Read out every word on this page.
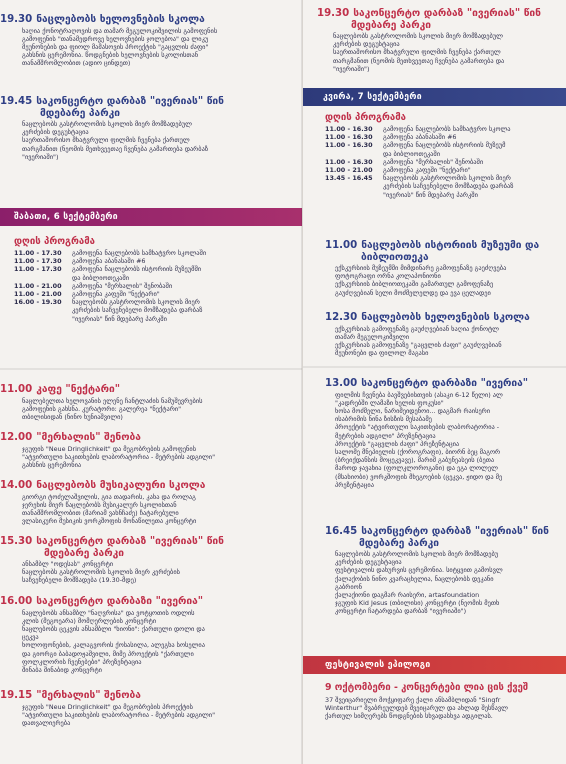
19.30 ნაცლებობს ხელოვნების სკოლა
ხაღია ქონოტრაღოვის და თამარ მეგულოკიშვილის გამოფენის
გამოფენის "თანამედროვე ხელოვნების ჯოლებოა" და ლიკუ
მეუნონების და ფიოლ მამასოვის პროექტის "გაცვლის ძაფი"
გახსნის ცერემონია. წოდგნების ხელოვნების სკოლისთან
თანამშრომლობით (ადიო ცინდეთ)
19.45 საკონცერტო დარბაზ "ივერიას" წინ
მდებარე პარკი
ნაცლებობს გასტროლომის სკოლის მიერ მომზადებულ
კერძების დეგუსტაცია
საერთაშორისო მხატვრული ფილმის ჩვენება ქართულ
თარგმანით (ნეომის მეთხვეეთაე ჩვენება გამართება დარბაზ
"ივერიაში")
შაბათი, 6 სექტემბერი
დღის პროგრამა
11.00 - 17.30	გამოფენა ნაცლებობს სამხატვრო სკოლაში
11.00 - 17.30	გამოფენა აბანასაში #6
11.00 - 17.30	გამოფენა ნაცლებობს ისტორიის მუზეუმში
	და ბიბლიოთეკაში
11.00 - 21.00	გამოფენა "მერხალის" შენობაში
11.00 - 21.00	გამოფენა კაფეში "ნექტარი"
16.00 - 19.30	ნაცლებობს გასტროლომის სკოლის მიერ
	კერძების საჩვენებელი მომზადება დარბაზ
	"ივერიას" წინ მდებარე პარკში
11.00 კაფე "ნექტარი"
ნაცლებელთა ხელოვანის ელენე ჩანტლაძის ნამუშევრების
გამოფენის გახსნა. კურატორი: გალერეა "ნექტარი"
თბილისიდან (ნინო ხუნიაშვილი)
12.00 "მერხალის" შენობა
ჯგუფის "Neue Dringlichkeit" და მეგობრების გამოფენის
"ატვირთული საკითხების ლაბორატორია - მეტრების ადგილი"
გახსნის ცერემონია
14.00 ნაცლებობს მუსიკალური სკოლა
გიორგი ტოძელაშვილის, გია თადარის, კახა და როლაგ
ჯერეხის მიერ წაცლებობს მუსიკალურ სკოლისთან
თანამშრომლობით (მარიამ ვახნჩაძე) ჩატარებული
ვლასიკური მუსიკის ვორკშოფის მონაწილეთა კონცერტი
15.30 საკონცერტო დარბაზ "ივერიას" წინ
მდებარე პარკი
ანსამბლ "ოდესას" კონცერტი
ნაცლებობს გასტროლომის სკოლის მიერ კერძების
საჩვენებელი მომზადება (19.30-მდე)
16.00 საკონცერტო დარბაზი "ივერია"
ნაცლებობს ანსამბლ "ნაღვრისა" და ვოტყოთის ოდლის
კლის (მეგოეარა) მომღერლების კონცერტი
ნაცლებობს ცეკვის ანსამბლი "ხიონი": ქართული დოლი და
ცეკვა
ხოლოფონების, კალაგვორის ქოსასილა, ალეგხა სოსელია
და გიორგი ბაბადოჟაშვილი, მიმე პროექტის "ქართული
ფოლკლორის ჩვენებები" პრეზენტაცია
შინაბა შინაბიდ კონცერტი
19.15 "მერხალის" შენობა
ჯგუფის "Neue Dringlichkeit" და მეგობრების პროექტის
"ატვირთული საკითხების ლაბორატორია - მეტრების ადგილი"
დათვალიერება
19.30 საკონცერტო დარბაზ "ივერიას" წინ
მდებარე პარკი
ნაცლებობს გასტროლომის სკოლის მიერ მომზადებულ
კერძების დეგუსტაცია
საერთაშორისო მხატვრული ფილმის ჩვენება ქართულ
თარგმანით (ნეომის მეთხვეეთაე ჩვენება გამართება და
"ივერიაში")
კვირა, 7 სექტემბერი
დღის პროგრამა
11.00 - 16.30	გამოფენა ნაცლებობს სამხატვრო სკოლა
11.00 - 16.30	გამოფენა აბანასაში #6
11.00 - 16.30	გამოფენა ნაცლებობს ისტორიის მუზეუმ
	და ბიბლიოთეკაში
11.00 - 16.30	გამოფენა "მერხალის" შენობაში
11.00 - 21.00	გამოფენა კაფეში "ნექტარი"
13.45 - 16.45	ნაცლებობს გასტროლომის სკოლის მიერ
	კერძების საჩვენებელი მომზადება დარბაზ
	"ივერიას" წინ მდებარე პარკში
11.00 ნაცლებობს ისტორიის მუზეუმი და
ბიბლიოთეკა
ექსკურსიის მუზეუმში მიმდინარე გამოფენაზე გაეძღვება
ფოტოგრაფი ორნა კოლაპონიონი
ექსკურსიის ბიბლიოთეკაში გამართულ გამოფენაზე
გაუძღვებიან სელი მოძმელელდე და ევა ცელადეი
12.30 ნაცლებობს ხელოვნების სკოლა
ექსკურსიას გამოფენაზე გაუძღვებიან ხაღია ქონოტლ
თამარ მეგულოკიშვილი
ექსკურსიას გამოფენაზე "გაცვლის ძაფი" გაუძღვებიან
მეუნონები და ფილოლ მაგასი
13.00 საკონცერტო დარბაზი "ივერია"
ფილმის ჩვენება ბავშვებისთვის (ასაკი 6-12 წელი) ალ
"კადრებში ლამაზი ხელის ფოკუსი"
ხოსა მოძმელი, ნარიმეიდენოი... დაგმარ რაისერი
ისაბრიმის ნინა ზისზის მესაბამე
პროექტის "ატვირთული საკითხების ლაბორატორია -
მეტრების ადგილი" პრეზენტაცია
პროექტის "გაცვლის ძაფი" პრეზენტაცია
სალომე მნეპიელის (ქოროგრაფი), ბიორნ ბეც მაგორ
(ბრეიქდანსის მოცეკვავე), მარიშ გაბუნეასეის (ბეთა
მაროდ ჯავახია (ფოლკლოროგანი) და ეგა ლოლელ
(მსახიობი) ვორკშოფის მხეგოების (ცეკვა, ჟიდო და მე
პრეზენტაცია
16.45 საკონცერტო დარბაზ "ივერიას" წინ
მდებარე პარკი
ნაცლებობს გასტროლომის სკოლის მიერ მომზადებუ
კერძების დეგუსტაცია
ფესტივალის დახურვის ცერემონია. სიტყვით გამოსვლ
ქალაქობის ნინო კვარაცხელია, ნაცლებობს დეკანი
გაბრიონ
ქალაქიონი დაგმარ რაისერი, artasfoundation
ჯგუფის Kid Jesus (თბილისი) კონცერტი (ნეომის მეთხ
კონცერტი ჩატარდება დარბაზ "ივერიაში")
ფესტივალის ეპილოგი
9 ოქტომბერი - კონცერტები ლია ცის ქვეშ
37 შვეიცარიელი მოჭყიფარე ქალი ანსამბლიდან "Singfr
Winterthur" შვაბრეულდებ შვეიცარულ და ახლად შესწავლ
ქართულ სიმღერებს წოდგნების სხვადასხვა ადგილას.
